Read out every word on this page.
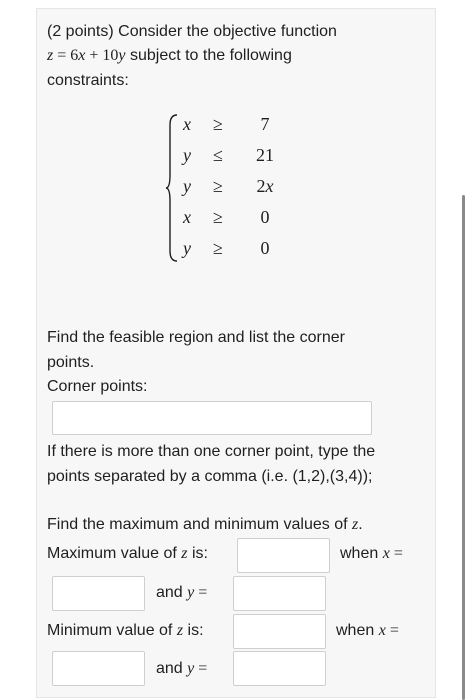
(2 points) Consider the objective function
z = 6x + 10y subject to the following
constraints:
x	≥	7
y	≤	21
y	≥	2x
x	≥	0
y	≥	0
Find the feasible region and list the corner
points.
Corner points:
If there is more than one corner point, type the
points separated by a comma (i.e. (1,2),(3,4));
Find the maximum and minimum values of z.
Maximum value of z is:	when x =
and y =
Minimum value of z is:	when x =
and y =
